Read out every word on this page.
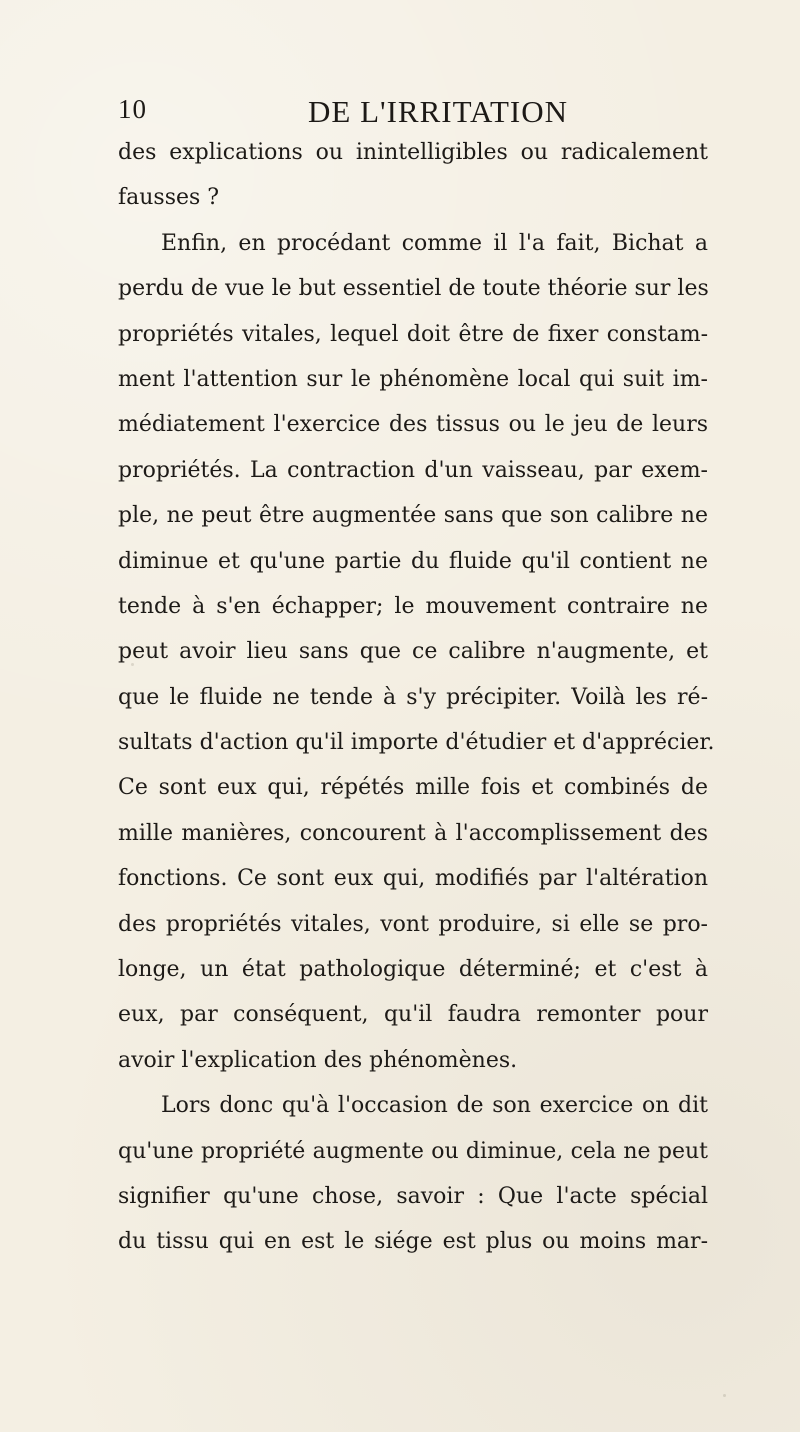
10	DE L'IRRITATION
des explications ou inintelligibles ou radicalement
fausses ?
Enfin, en procédant comme il l'a fait, Bichat a
perdu de vue le but essentiel de toute théorie sur les
propriétés vitales, lequel doit être de fixer constam-
ment l'attention sur le phénomène local qui suit im-
médiatement l'exercice des tissus ou le jeu de leurs
propriétés. La contraction d'un vaisseau, par exem-
ple, ne peut être augmentée sans que son calibre ne
diminue et qu'une partie du fluide qu'il contient ne
tende à s'en échapper; le mouvement contraire ne
peut avoir lieu sans que ce calibre n'augmente, et
que le fluide ne tende à s'y précipiter. Voilà les ré-
sultats d'action qu'il importe d'étudier et d'apprécier.
Ce sont eux qui, répétés mille fois et combinés de
mille manières, concourent à l'accomplissement des
fonctions. Ce sont eux qui, modifiés par l'altération
des propriétés vitales, vont produire, si elle se pro-
longe, un état pathologique déterminé; et c'est à
eux, par conséquent, qu'il faudra remonter pour
avoir l'explication des phénomènes.
Lors donc qu'à l'occasion de son exercice on dit
qu'une propriété augmente ou diminue, cela ne peut
signifier qu'une chose, savoir : Que l'acte spécial
du tissu qui en est le siége est plus ou moins mar-
